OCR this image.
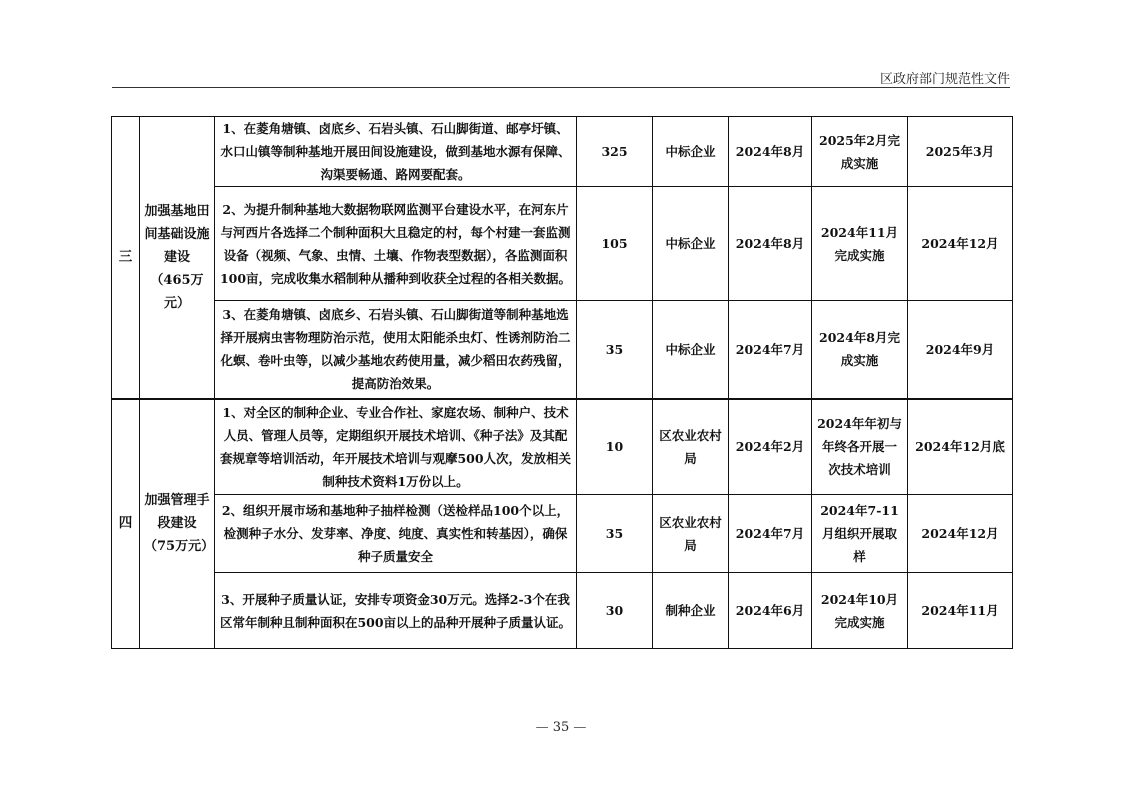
区政府部门规范性文件
三	加强基地田间基础设施建设（465万元）	1、在菱角塘镇、卤底乡、石岩头镇、石山脚街道、邮亭圩镇、水口山镇等制种基地开展田间设施建设，做到基地水源有保障、沟渠要畅通、路网要配套。	325	中标企业	2024年8月	2025年2月完成实施	2025年3月
		2、为提升制种基地大数据物联网监测平台建设水平，在河东片与河西片各选择二个制种面积大且稳定的村，每个村建一套监测设备（视频、气象、虫情、土壤、作物表型数据），各监测面积100亩，完成收集水稻制种从播种到收获全过程的各相关数据。	105	中标企业	2024年8月	2024年11月完成实施	2024年12月
		3、在菱角塘镇、卤底乡、石岩头镇、石山脚街道等制种基地选择开展病虫害物理防治示范，使用太阳能杀虫灯、性诱剂防治二化螟、卷叶虫等，以减少基地农药使用量，减少稻田农药残留，提高防治效果。	35	中标企业	2024年7月	2024年8月完成实施	2024年9月
四	加强管理手段建设（75万元）	1、对全区的制种企业、专业合作社、家庭农场、制种户、技术人员、管理人员等，定期组织开展技术培训、《种子法》及其配套规章等培训活动，年开展技术培训与观摩500人次，发放相关制种技术资料1万份以上。	10	区农业农村局	2024年2月	2024年年初与年终各开展一次技术培训	2024年12月底
		2、组织开展市场和基地种子抽样检测（送检样品100个以上，检测种子水分、发芽率、净度、纯度、真实性和转基因），确保种子质量安全	35	区农业农村局	2024年7月	2024年7-11月组织开展取样	2024年12月
		3、开展种子质量认证，安排专项资金30万元。选择2-3个在我区常年制种且制种面积在500亩以上的品种开展种子质量认证。	30	制种企业	2024年6月	2024年10月完成实施	2024年11月
— 35 —
